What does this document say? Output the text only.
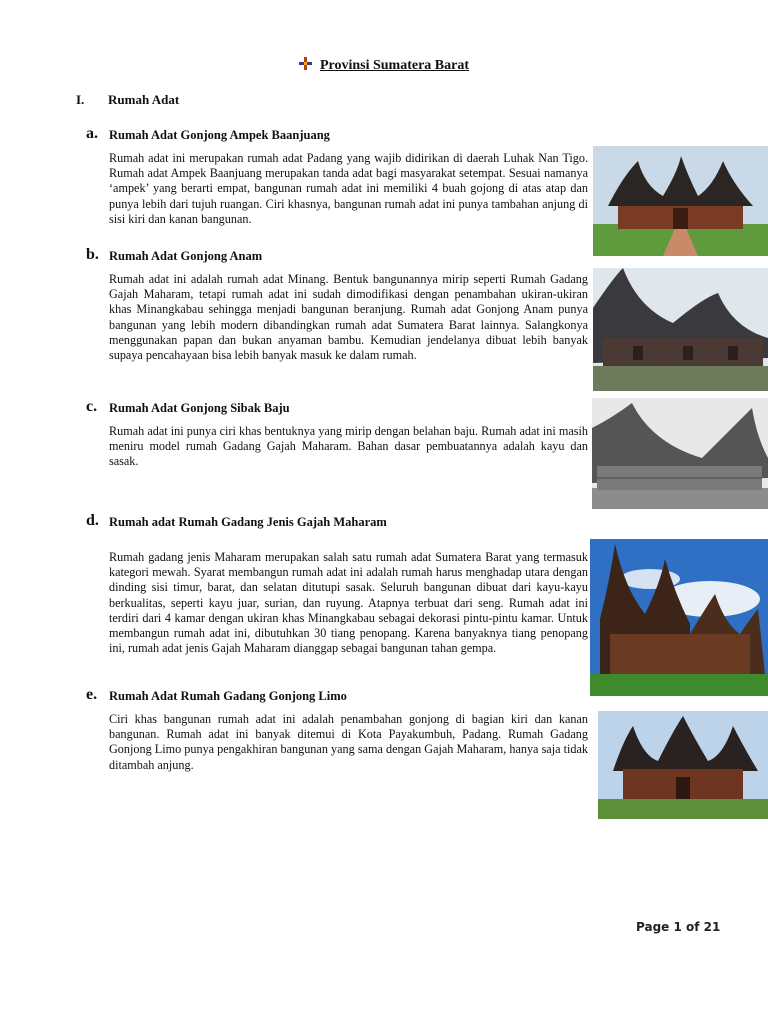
Provinsi Sumatera Barat
I. Rumah Adat
a. Rumah Adat Gonjong Ampek Baanjuang
Rumah adat ini merupakan rumah adat Padang yang wajib didirikan di daerah Luhak Nan Tigo. Rumah adat Ampek Baanjuang merupakan tanda adat bagi masyarakat setempat. Sesuai namanya ‘ampek’ yang berarti empat, bangunan rumah adat ini memiliki 4 buah gojong di atas atap dan punya lebih dari tujuh ruangan. Ciri khasnya, bangunan rumah adat ini punya tambahan anjung di sisi kiri dan kanan bangunan.
b. Rumah Adat Gonjong Anam
Rumah adat ini adalah rumah adat Minang. Bentuk bangunannya mirip seperti Rumah Gadang Gajah Maharam, tetapi rumah adat ini sudah dimodifikasi dengan penambahan ukiran-ukiran khas Minangkabau sehingga menjadi bangunan beranjung. Rumah adat Gonjong Anam punya bangunan yang lebih modern dibandingkan rumah adat Sumatera Barat lainnya. Salangkonya menggunakan papan dan bukan anyaman bambu. Kemudian jendelanya dibuat lebih banyak supaya pencahayaan bisa lebih banyak masuk ke dalam rumah.
c. Rumah Adat Gonjong Sibak Baju
Rumah adat ini punya ciri khas bentuknya yang mirip dengan belahan baju. Rumah adat ini masih meniru model rumah Gadang Gajah Maharam. Bahan dasar pembuatannya adalah kayu dan sasak.
d. Rumah adat Rumah Gadang Jenis Gajah Maharam
Rumah gadang jenis Maharam merupakan salah satu rumah adat Sumatera Barat yang termasuk kategori mewah. Syarat membangun rumah adat ini adalah rumah harus menghadap utara dengan dinding sisi timur, barat, dan selatan ditutupi sasak. Seluruh bangunan dibuat dari kayu-kayu berkualitas, seperti kayu juar, surian, dan ruyung. Atapnya terbuat dari seng. Rumah adat ini terdiri dari 4 kamar dengan ukiran khas Minangkabau sebagai dekorasi pintu-pintu kamar. Untuk membangun rumah adat ini, dibutuhkan 30 tiang penopang. Karena banyaknya tiang penopang ini, rumah adat jenis Gajah Maharam dianggap sebagai bangunan tahan gempa.
e. Rumah Adat Rumah Gadang Gonjong Limo
Ciri khas bangunan rumah adat ini adalah penambahan gonjong di bagian kiri dan kanan bangunan. Rumah adat ini banyak ditemui di Kota Payakumbuh, Padang. Rumah Gadang Gonjong Limo punya pengakhiran bangunan yang sama dengan Gajah Maharam, hanya saja tidak ditambah anjung.
Page 1 of 21
